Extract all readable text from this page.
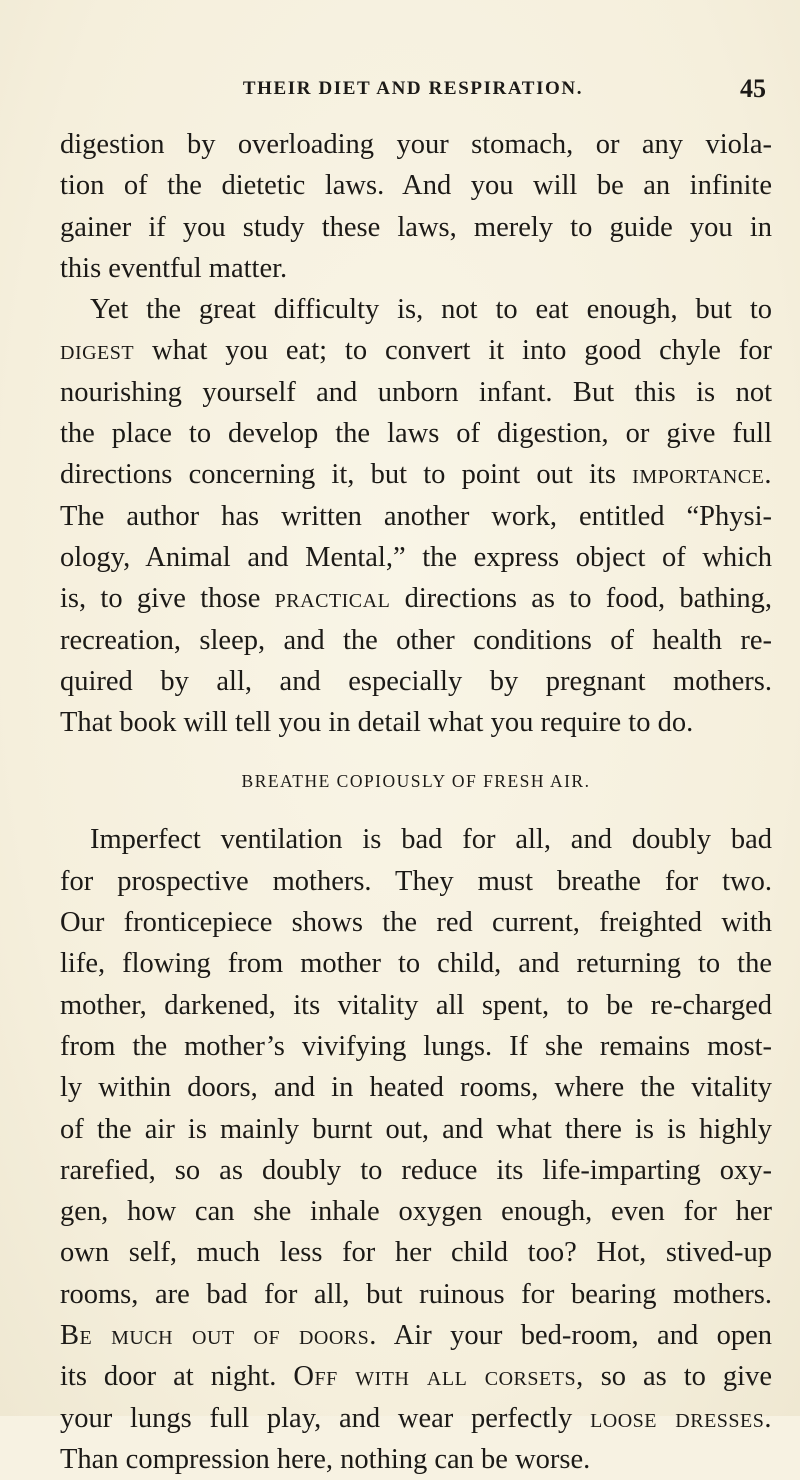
THEIR DIET AND RESPIRATION.	45
digestion by overloading your stomach, or any viola-
tion of the dietetic laws. And you will be an infinite
gainer if you study these laws, merely to guide you in
this eventful matter.
Yet the great difficulty is, not to eat enough, but to
digest what you eat; to convert it into good chyle for
nourishing yourself and unborn infant. But this is not
the place to develop the laws of digestion, or give full
directions concerning it, but to point out its importance.
The author has written another work, entitled “Physi-
ology, Animal and Mental,” the express object of which
is, to give those practical directions as to food, bathing,
recreation, sleep, and the other conditions of health re-
quired by all, and especially by pregnant mothers.
That book will tell you in detail what you require to do.
BREATHE COPIOUSLY OF FRESH AIR.
Imperfect ventilation is bad for all, and doubly bad
for prospective mothers. They must breathe for two.
Our fronticepiece shows the red current, freighted with
life, flowing from mother to child, and returning to the
mother, darkened, its vitality all spent, to be re-charged
from the mother’s vivifying lungs. If she remains most-
ly within doors, and in heated rooms, where the vitality
of the air is mainly burnt out, and what there is is highly
rarefied, so as doubly to reduce its life-imparting oxy-
gen, how can she inhale oxygen enough, even for her
own self, much less for her child too? Hot, stived-up
rooms, are bad for all, but ruinous for bearing mothers.
Be much out of doors. Air your bed-room, and open
its door at night. Off with all corsets, so as to give
your lungs full play, and wear perfectly loose dresses.
Than compression here, nothing can be worse.
